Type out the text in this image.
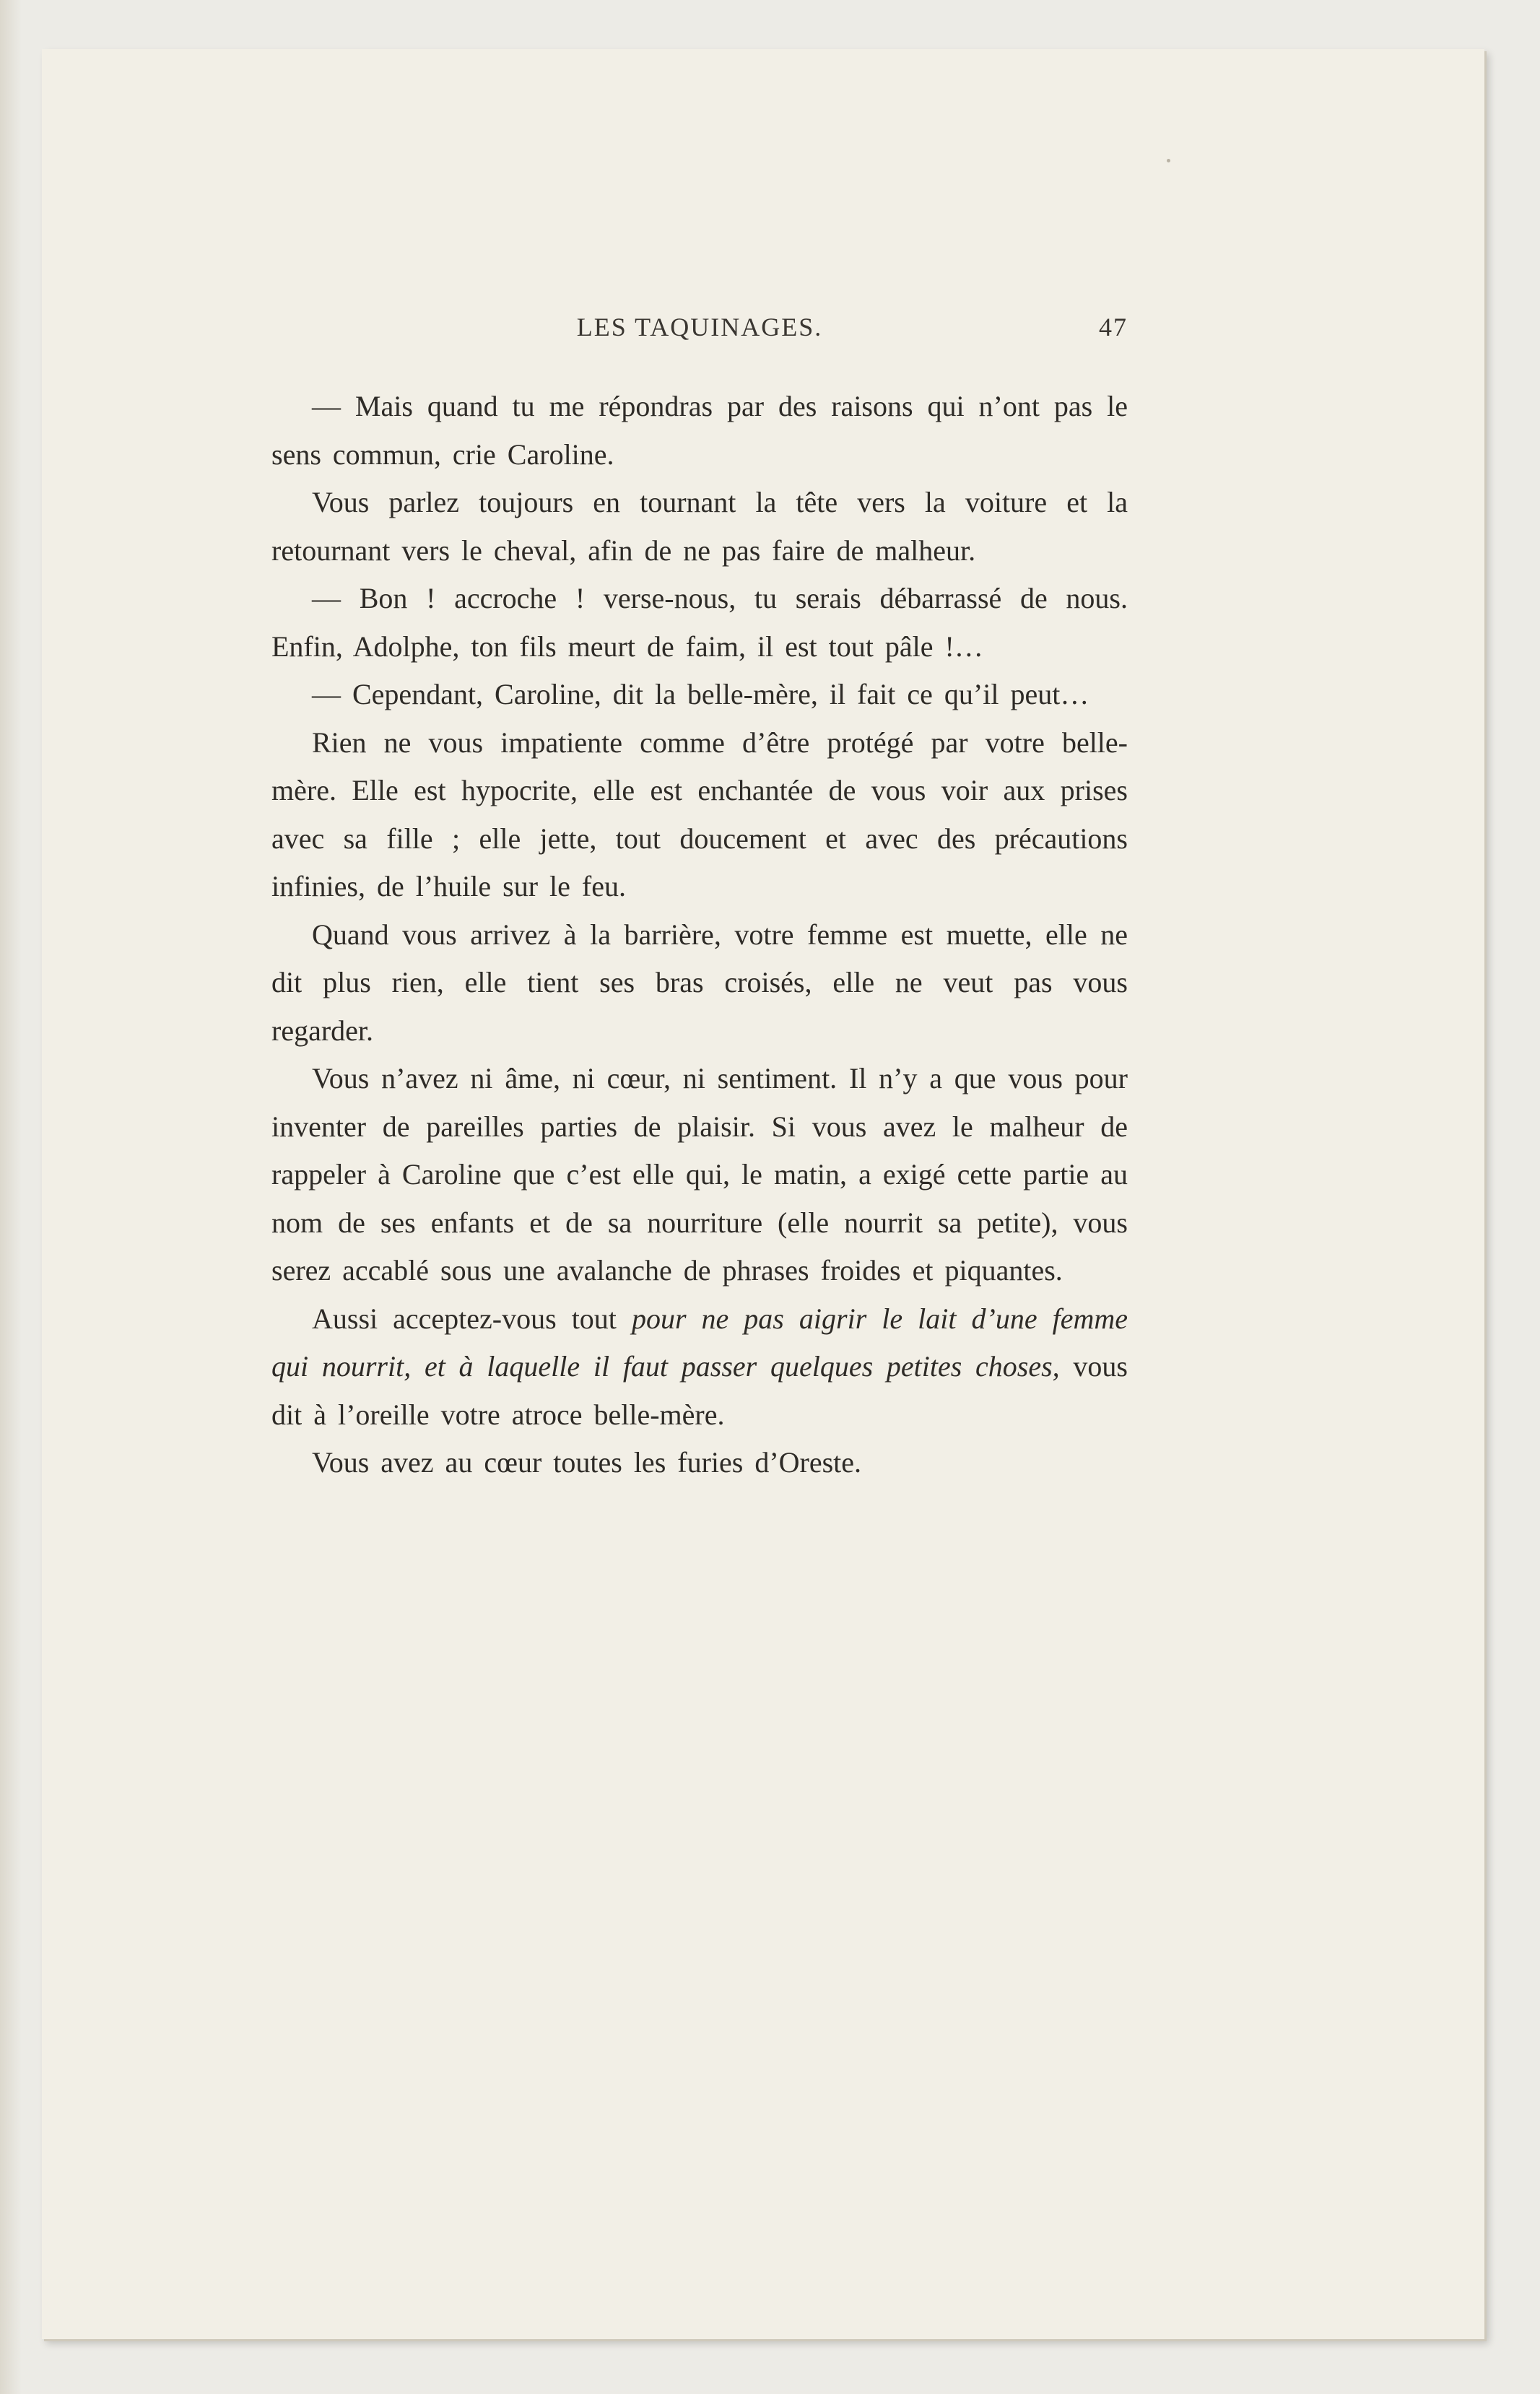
LES TAQUINAGES.	47

— Mais quand tu me répondras par des raisons qui n’ont pas le sens commun, crie Caroline.

Vous parlez toujours en tournant la tête vers la voiture et la retournant vers le cheval, afin de ne pas faire de malheur.

— Bon ! accroche ! verse-nous, tu serais débarrassé de nous. Enfin, Adolphe, ton fils meurt de faim, il est tout pâle !…

— Cependant, Caroline, dit la belle-mère, il fait ce qu’il peut…

Rien ne vous impatiente comme d’être protégé par votre belle-mère. Elle est hypocrite, elle est enchantée de vous voir aux prises avec sa fille ; elle jette, tout doucement et avec des précautions infinies, de l’huile sur le feu.

Quand vous arrivez à la barrière, votre femme est muette, elle ne dit plus rien, elle tient ses bras croisés, elle ne veut pas vous regarder.

Vous n’avez ni âme, ni cœur, ni sentiment. Il n’y a que vous pour inventer de pareilles parties de plaisir. Si vous avez le malheur de rappeler à Caroline que c’est elle qui, le matin, a exigé cette partie au nom de ses enfants et de sa nourriture (elle nourrit sa petite), vous serez accablé sous une avalanche de phrases froides et piquantes.

Aussi acceptez-vous tout pour ne pas aigrir le lait d’une femme qui nourrit, et à laquelle il faut passer quelques petites choses, vous dit à l’oreille votre atroce belle-mère.

Vous avez au cœur toutes les furies d’Oreste.
